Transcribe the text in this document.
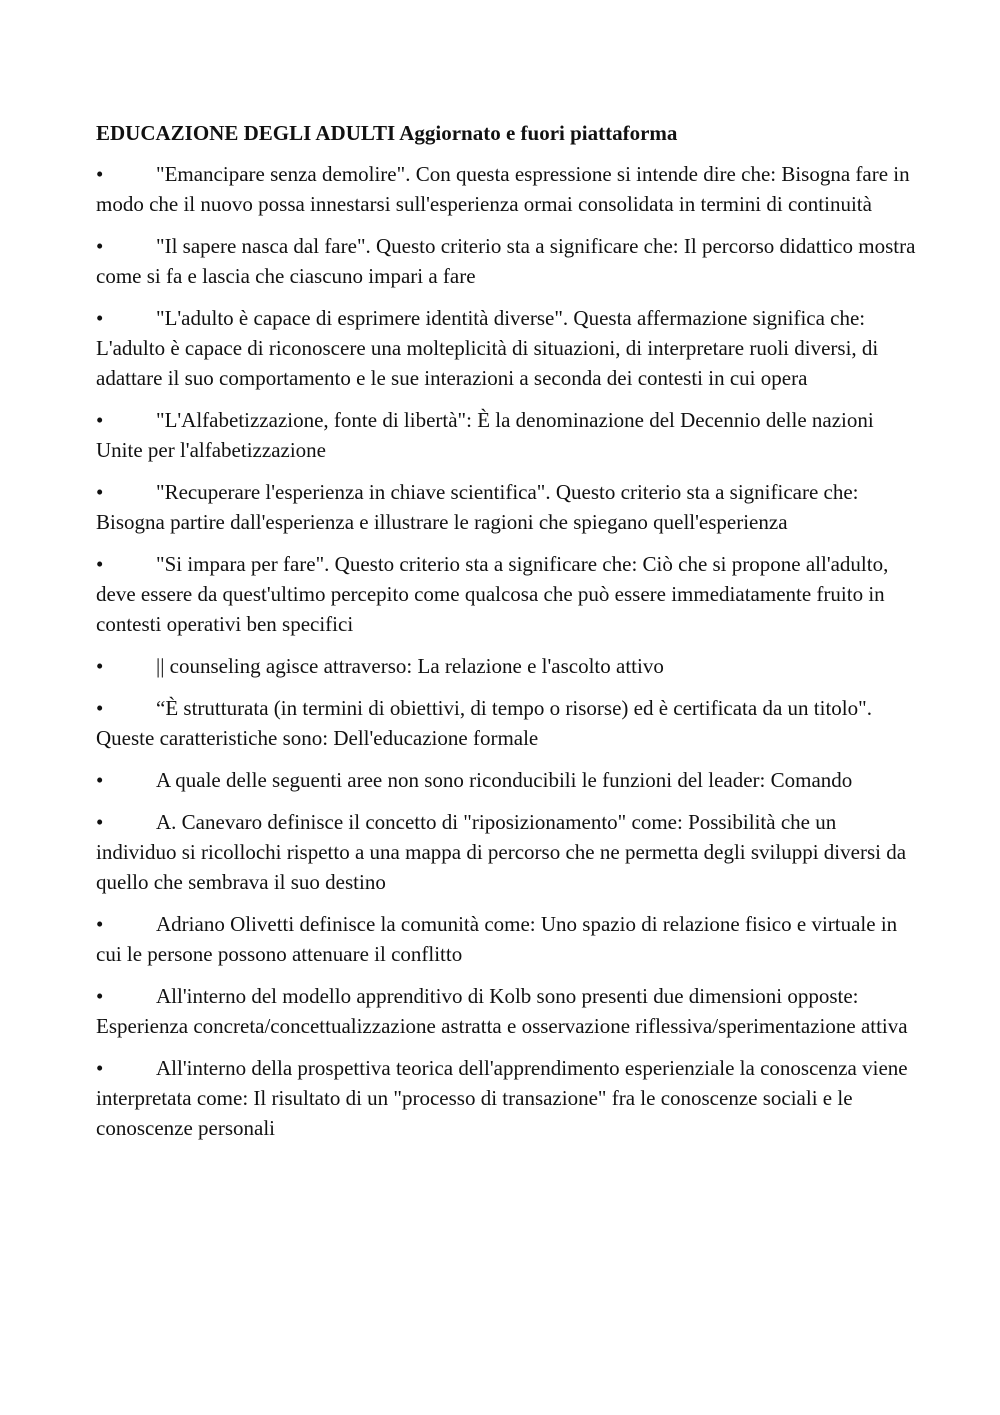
EDUCAZIONE DEGLI ADULTI Aggiornato e fuori piattaforma
•	"Emancipare senza demolire". Con questa espressione si intende dire che: Bisogna fare in modo che il nuovo possa innestarsi sull'esperienza ormai consolidata in termini di continuità
•	"Il sapere nasca dal fare". Questo criterio sta a significare che: Il percorso didattico mostra come si fa e lascia che ciascuno impari a fare
•	"L'adulto è capace di esprimere identità diverse". Questa affermazione significa che: L'adulto è capace di riconoscere una molteplicità di situazioni, di interpretare ruoli diversi, di adattare il suo comportamento e le sue interazioni a seconda dei contesti in cui opera
•	"L'Alfabetizzazione, fonte di libertà": È la denominazione del Decennio delle nazioni Unite per l'alfabetizzazione
•	"Recuperare l'esperienza in chiave scientifica". Questo criterio sta a significare che: Bisogna partire dall'esperienza e illustrare le ragioni che spiegano quell'esperienza
•	"Si impara per fare". Questo criterio sta a significare che: Ciò che si propone all'adulto, deve essere da quest'ultimo percepito come qualcosa che può essere immediatamente fruito in contesti operativi ben specifici
•	|| counseling agisce attraverso: La relazione e l'ascolto attivo
•	“È strutturata (in termini di obiettivi, di tempo o risorse) ed è certificata da un titolo". Queste caratteristiche sono: Dell'educazione formale
•	A quale delle seguenti aree non sono riconducibili le funzioni del leader: Comando
•	A. Canevaro definisce il concetto di "riposizionamento" come: Possibilità che un individuo si ricollochi rispetto a una mappa di percorso che ne permetta degli sviluppi diversi da quello che sembrava il suo destino
•	Adriano Olivetti definisce la comunità come: Uno spazio di relazione fisico e virtuale in cui le persone possono attenuare il conflitto
•	All'interno del modello apprenditivo di Kolb sono presenti due dimensioni opposte: Esperienza concreta/concettualizzazione astratta e osservazione riflessiva/sperimentazione attiva
•	All'interno della prospettiva teorica dell'apprendimento esperienziale la conoscenza viene interpretata come: Il risultato di un "processo di transazione" fra le conoscenze sociali e le conoscenze personali
